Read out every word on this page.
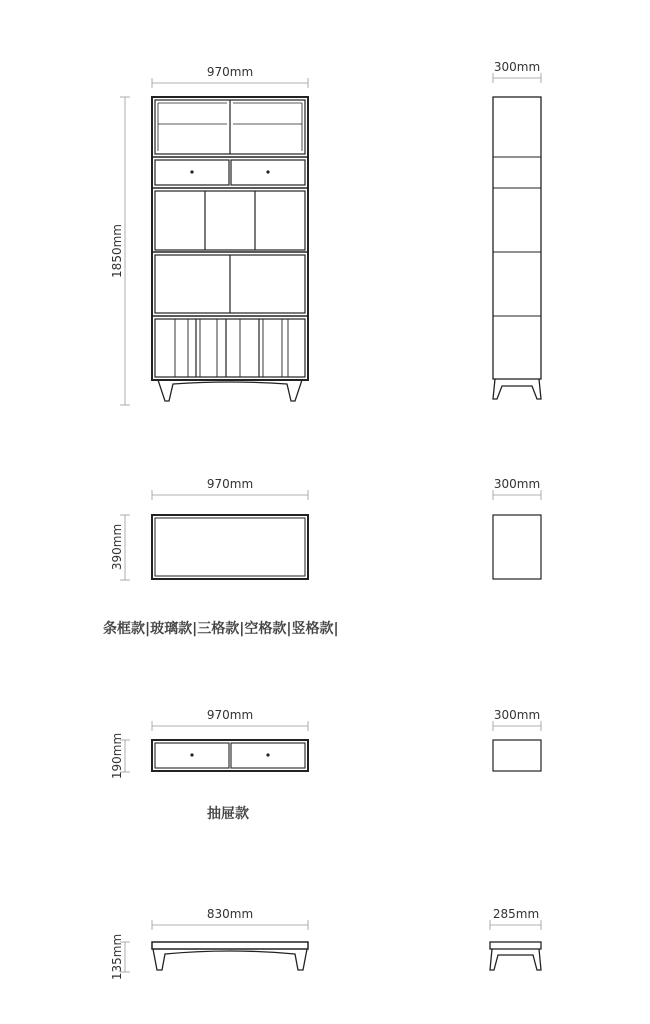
970mm
1850mm
300mm
970mm
390mm
300mm
条框款|玻璃款|三格款|空格款|竖格款|
970mm
190mm
300mm
抽屉款
830mm
135mm
285mm
